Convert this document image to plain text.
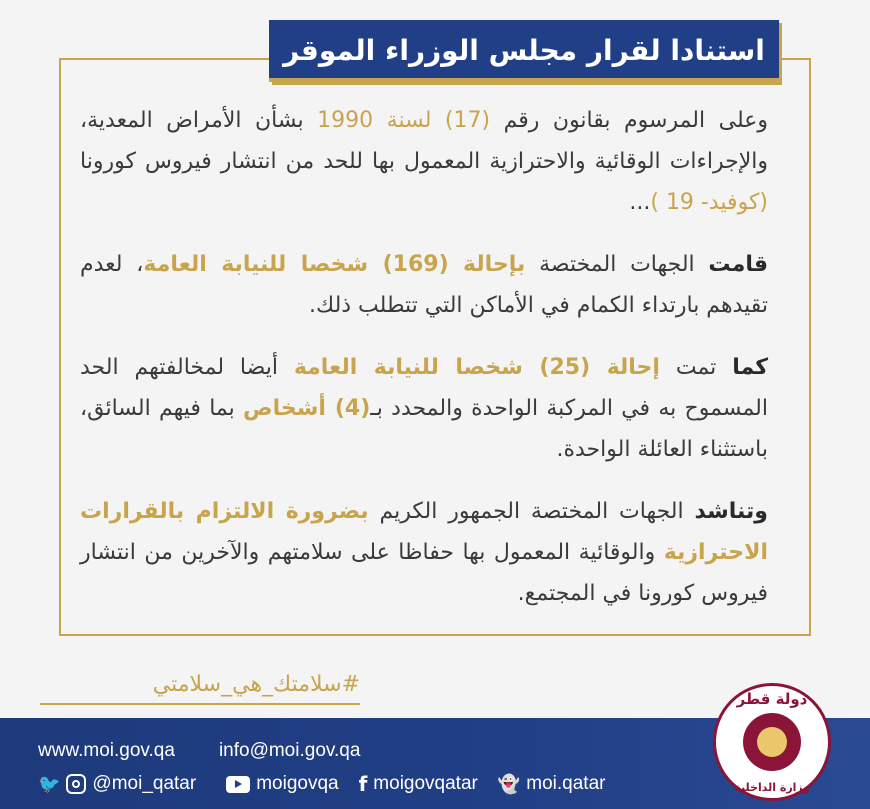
استنادا لقرار مجلس الوزراء الموقر

وعلى المرسوم بقانون رقم (17) لسنة 1990 بشأن الأمراض المعدية، والإجراءات الوقائية والاحترازية المعمول بها للحد من انتشار فيروس كورونا (كوفيد- 19 )...

قامت الجهات المختصة بإحالة (169) شخصا للنيابة العامة، لعدم تقيدهم بارتداء الكمام في الأماكن التي تتطلب ذلك.

كما تمت إحالة (25) شخصا للنيابة العامة أيضا لمخالفتهم الحد المسموح به في المركبة الواحدة والمحدد بـ(4) أشخاص بما فيهم السائق، باستثناء العائلة الواحدة.

وتناشد الجهات المختصة الجمهور الكريم بضرورة الالتزام بالقرارات الاحترازية والوقائية المعمول بها حفاظا على سلامتهم والآخرين من انتشار فيروس كورونا في المجتمع.

#سلامتك_هي_سلامتي
www.moi.gov.qa info@moi.gov.qa
🐦 @moi_qatar	moigovqa f moigovqatar 👻 moi.qatar
دولة قطر
وزارة الداخلية
